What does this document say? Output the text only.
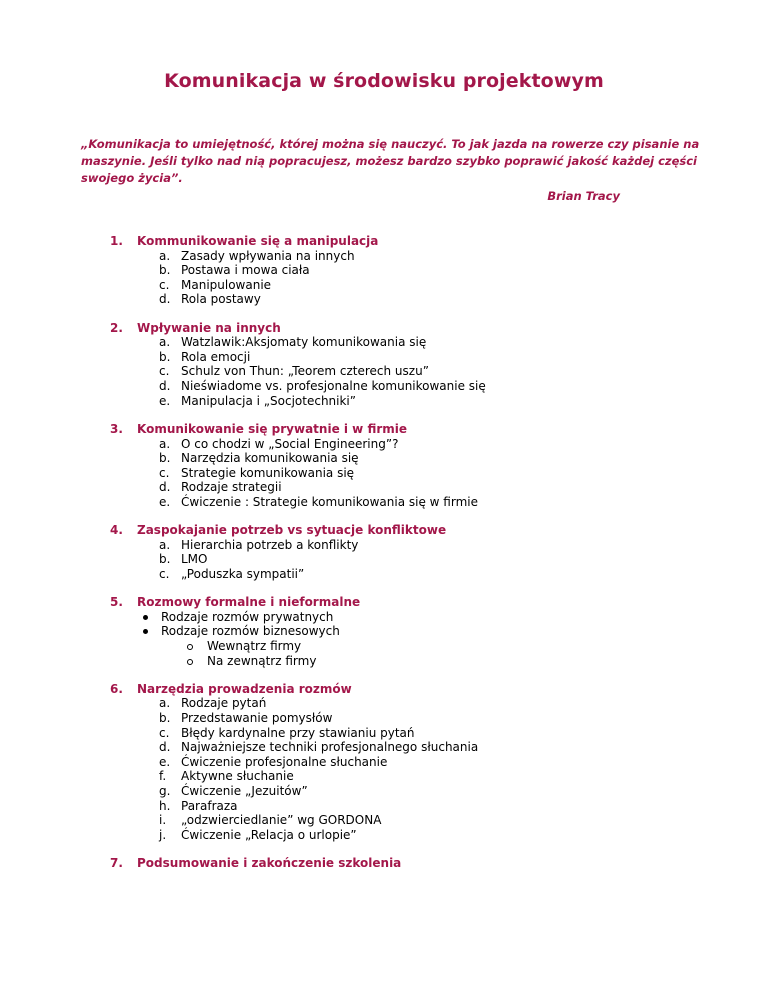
Komunikacja w środowisku projektowym

„Komunikacja to umiejętność, której można się nauczyć. To jak jazda na rowerze czy pisanie na maszynie. Jeśli tylko nad nią popracujesz, możesz bardzo szybko poprawić jakość każdej części swojego życia”.

Brian Tracy

1. Kommunikowanie się a manipulacja
a. Zasady wpływania na innych
b. Postawa i mowa ciała
c. Manipulowanie
d. Rola postawy
2. Wpływanie na innych
a. Watzlawik:Aksjomaty komunikowania się
b. Rola emocji
c. Schulz von Thun: „Teorem czterech uszu”
d. Nieświadome vs. profesjonalne komunikowanie się
e. Manipulacja i „Socjotechniki”
3. Komunikowanie się prywatnie i w firmie
a. O co chodzi w „Social Engineering”?
b. Narzędzia komunikowania się
c. Strategie komunikowania się
d. Rodzaje strategii
e. Ćwiczenie : Strategie komunikowania się w firmie
4. Zaspokajanie potrzeb vs sytuacje konfliktowe
a. Hierarchia potrzeb a konflikty
b. LMO
c. „Poduszka sympatii”
5. Rozmowy formalne i nieformalne
Rodzaje rozmów prywatnych
Rodzaje rozmów biznesowych
Wewnątrz firmy
Na zewnątrz firmy
6. Narzędzia prowadzenia rozmów
a. Rodzaje pytań
b. Przedstawanie pomysłów
c. Błędy kardynalne przy stawianiu pytań
d. Najważniejsze techniki profesjonalnego słuchania
e. Ćwiczenie profesjonalne słuchanie
f. Aktywne słuchanie
g. Ćwiczenie „Jezuitów”
h. Parafraza
i. „odzwierciedlanie” wg GORDONA
j. Ćwiczenie „Relacja o urlopie”
7. Podsumowanie i zakończenie szkolenia
